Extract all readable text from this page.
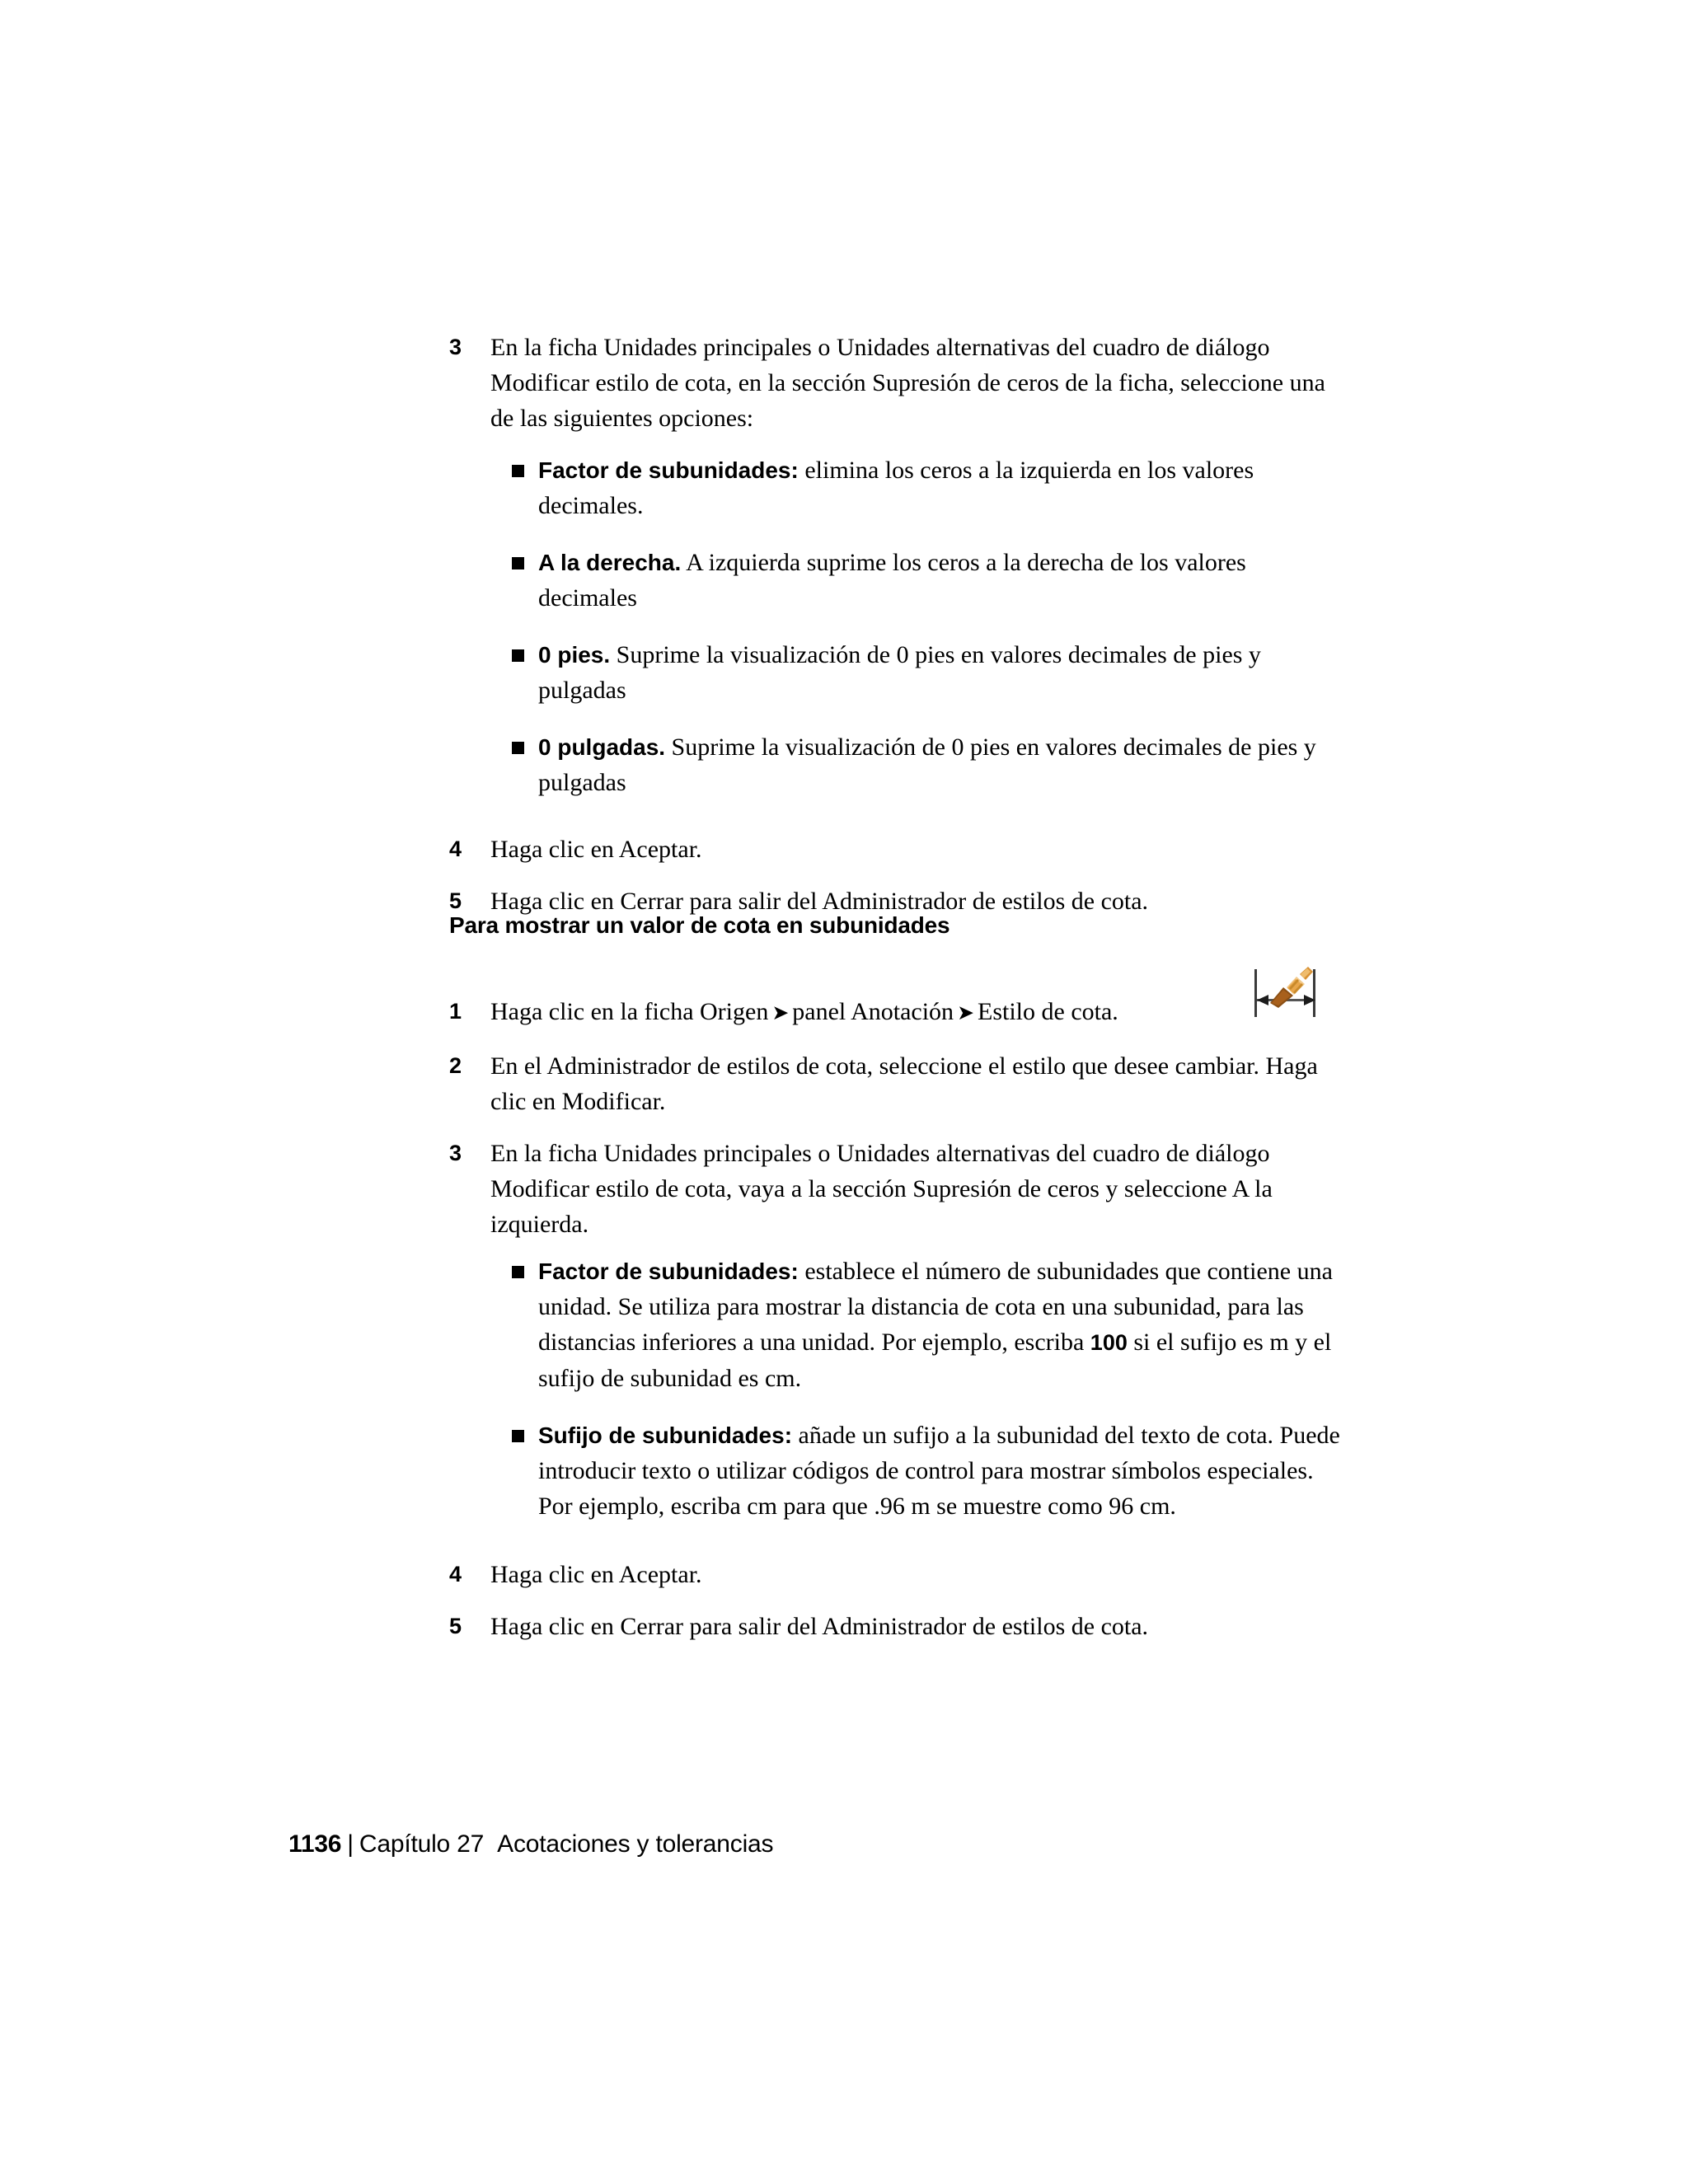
3	En la ficha Unidades principales o Unidades alternativas del cuadro de diálogo Modificar estilo de cota, en la sección Supresión de ceros de la ficha, seleccione una de las siguientes opciones:
Factor de subunidades: elimina los ceros a la izquierda en los valores decimales.
A la derecha. A izquierda suprime los ceros a la derecha de los valores decimales
0 pies. Suprime la visualización de 0 pies en valores decimales de pies y pulgadas
0 pulgadas. Suprime la visualización de 0 pies en valores decimales de pies y pulgadas
4	Haga clic en Aceptar.
5	Haga clic en Cerrar para salir del Administrador de estilos de cota.
Para mostrar un valor de cota en subunidades
1	Haga clic en la ficha Origen ➤ panel Anotación ➤ Estilo de cota.
2	En el Administrador de estilos de cota, seleccione el estilo que desee cambiar. Haga clic en Modificar.
3	En la ficha Unidades principales o Unidades alternativas del cuadro de diálogo Modificar estilo de cota, vaya a la sección Supresión de ceros y seleccione A la izquierda.
Factor de subunidades: establece el número de subunidades que contiene una unidad. Se utiliza para mostrar la distancia de cota en una subunidad, para las distancias inferiores a una unidad. Por ejemplo, escriba 100 si el sufijo es m y el sufijo de subunidad es cm.
Sufijo de subunidades: añade un sufijo a la subunidad del texto de cota. Puede introducir texto o utilizar códigos de control para mostrar símbolos especiales. Por ejemplo, escriba cm para que .96 m se muestre como 96 cm.
4	Haga clic en Aceptar.
5	Haga clic en Cerrar para salir del Administrador de estilos de cota.
1136 | Capítulo 27 Acotaciones y tolerancias
